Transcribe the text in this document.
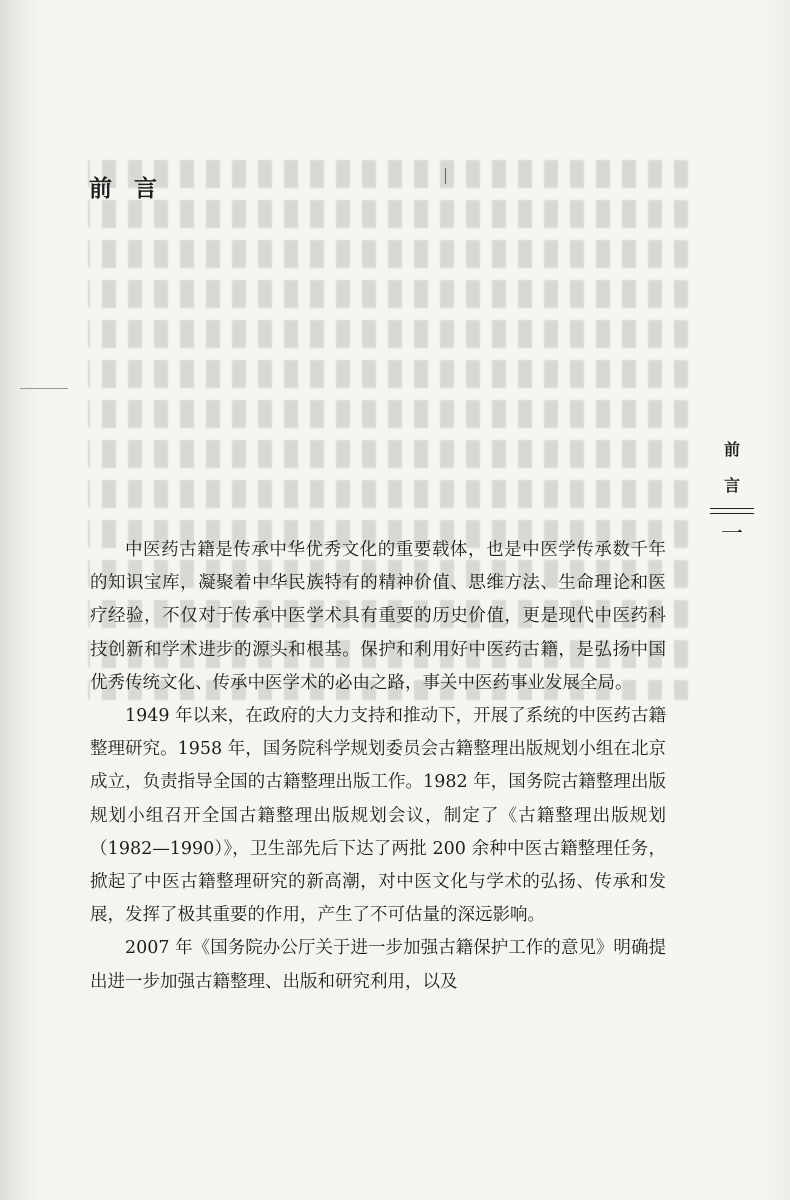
前 言
前
言
一

中医药古籍是传承中华优秀文化的重要载体，也是中医学传承数千年的知识宝库，凝聚着中华民族特有的精神价值、思维方法、生命理论和医疗经验，不仅对于传承中医学术具有重要的历史价值，更是现代中医药科技创新和学术进步的源头和根基。保护和利用好中医药古籍，是弘扬中国优秀传统文化、传承中医学术的必由之路，事关中医药事业发展全局。

1949 年以来，在政府的大力支持和推动下，开展了系统的中医药古籍整理研究。1958 年，国务院科学规划委员会古籍整理出版规划小组在北京成立，负责指导全国的古籍整理出版工作。1982 年，国务院古籍整理出版规划小组召开全国古籍整理出版规划会议，制定了《古籍整理出版规划（1982—1990）》，卫生部先后下达了两批 200 余种中医古籍整理任务，掀起了中医古籍整理研究的新高潮，对中医文化与学术的弘扬、传承和发展，发挥了极其重要的作用，产生了不可估量的深远影响。

2007 年《国务院办公厅关于进一步加强古籍保护工作的意见》明确提出进一步加强古籍整理、出版和研究利用，以及
